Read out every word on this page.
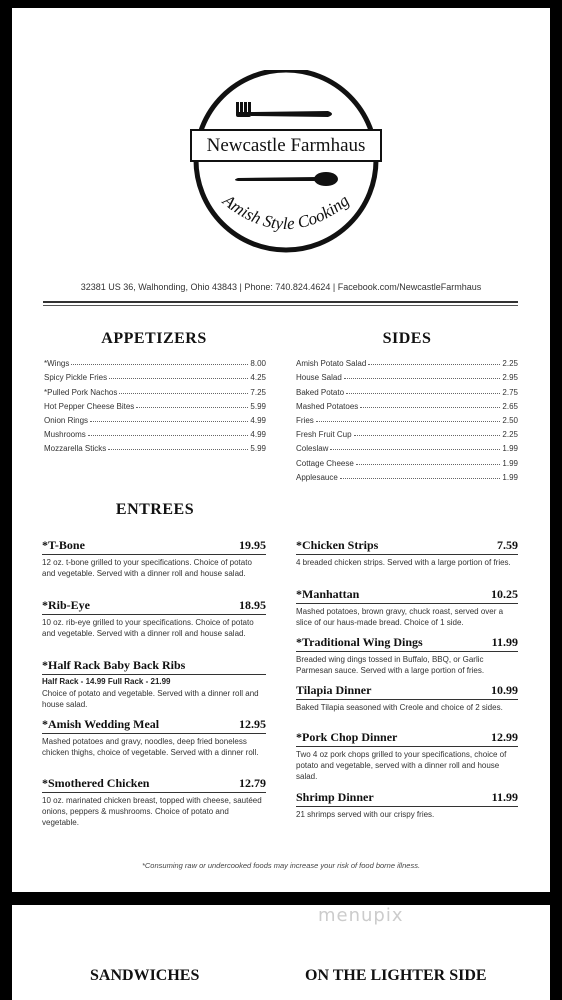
Amish Style Cooking
Newcastle Farmhaus
32381 US 36, Walhonding, Ohio 43843 | Phone: 740.824.4624 | Facebook.com/NewcastleFarmhaus
APPETIZERS
*Wings	8.00
Spicy Pickle Fries	4.25
*Pulled Pork Nachos	7.25
Hot Pepper Cheese Bites	5.99
Onion Rings	4.99
Mushrooms	4.99
Mozzarella Sticks	5.99
SIDES
Amish Potato Salad	2.25
House Salad	2.95
Baked Potato	2.75
Mashed Potatoes	2.65
Fries	2.50
Fresh Fruit Cup	2.25
Coleslaw	1.99
Cottage Cheese	1.99
Applesauce	1.99
ENTREES
*T-Bone	19.95
12 oz. t-bone grilled to your specifications. Choice of potato and vegetable. Served with a dinner roll and house salad.
*Rib-Eye	18.95
10 oz. rib-eye grilled to your specifications. Choice of potato and vegetable. Served with a dinner roll and house salad.
*Half Rack Baby Back Ribs
Half Rack - 14.99 Full Rack - 21.99
Choice of potato and vegetable. Served with a dinner roll and house salad.
*Amish Wedding Meal	12.95
Mashed potatoes and gravy, noodles, deep fried boneless chicken thighs, choice of vegetable. Served with a dinner roll.
*Smothered Chicken	12.79
10 oz. marinated chicken breast, topped with cheese, sautéed onions, peppers & mushrooms. Choice of potato and vegetable.
*Chicken Strips	7.59
4 breaded chicken strips. Served with a large portion of fries.
*Manhattan	10.25
Mashed potatoes, brown gravy, chuck roast, served over a slice of our haus-made bread. Choice of 1 side.
*Traditional Wing Dings	11.99
Breaded wing dings tossed in Buffalo, BBQ, or Garlic Parmesan sauce. Served with a large portion of fries.
Tilapia Dinner	10.99
Baked Tilapia seasoned with Creole and choice of 2 sides.
*Pork Chop Dinner	12.99
Two 4 oz pork chops grilled to your specifications, choice of potato and vegetable, served with a dinner roll and house salad.
Shrimp Dinner	11.99
21 shrimps served with our crispy fries.
*Consuming raw or undercooked foods may increase your risk of food borne illness.
menupix
SANDWICHES	ON THE LIGHTER SIDE
